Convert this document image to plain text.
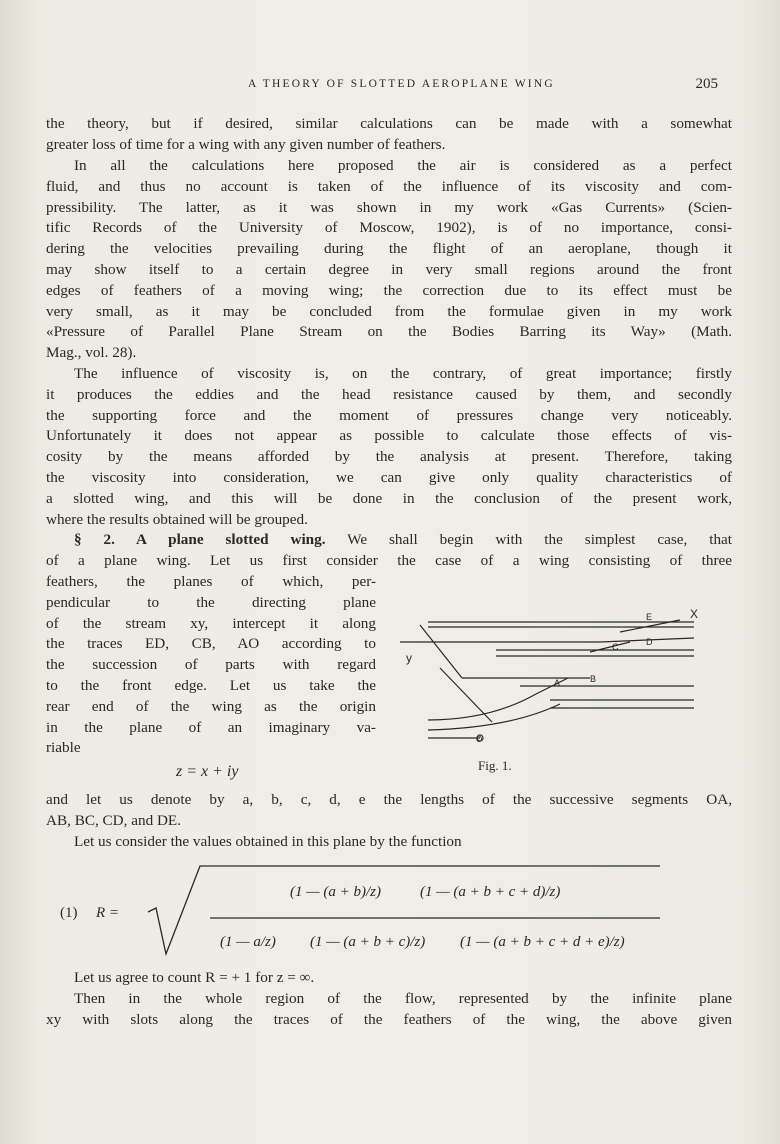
A THEORY OF SLOTTED AEROPLANE WING	205
the theory, but if desired, similar calculations can be made with a somewhat
greater loss of time for a wing with any given number of feathers.
In all the calculations here proposed the air is considered as a perfect
fluid, and thus no account is taken of the influence of its viscosity and com-
pressibility. The latter, as it was shown in my work «Gas Currents» (Scien-
tific Records of the University of Moscow, 1902), is of no importance, consi-
dering the velocities prevailing during the flight of an aeroplane, though it
may show itself to a certain degree in very small regions around the front
edges of feathers of a moving wing; the correction due to its effect must be
very small, as it may be concluded from the formulae given in my work
«Pressure of Parallel Plane Stream on the Bodies Barring its Way» (Math.
Mag., vol. 28).
The influence of viscosity is, on the contrary, of great importance; firstly
it produces the eddies and the head resistance caused by them, and secondly
the supporting force and the moment of pressures change very noticeably.
Unfortunately it does not appear as possible to calculate those effects of vis-
cosity by the means afforded by the analysis at present. Therefore, taking
the viscosity into consideration, we can give only quality characteristics of
a slotted wing, and this will be done in the conclusion of the present work,
where the results obtained will be grouped.
§ 2. A plane slotted wing. We shall begin with the simplest case, that
of a plane wing. Let us first consider the case of a wing consisting of three
feathers, the planes of which, per-
pendicular to the directing plane
of the stream xy, intercept it along
the traces ED, CB, AO according to
the succession of parts with regard
to the front edge. Let us take the
rear end of the wing as the origin
in the plane of an imaginary va-
riable
X
y
E
C	D
A	B
O
Fig. 1.
z = x + iy
and let us denote by a, b, c, d, e the lengths of the successive segments OA,
AB, BC, CD, and DE.
Let us consider the values obtained in this plane by the function
(1) R =
(1 — (a + b)/z)	(1 — (a + b + c + d)/z)
(1 — a/z) (1 — (a + b + c)/z) (1 — (a + b + c + d + e)/z)
Let us agree to count R = + 1 for z = ∞.
Then in the whole region of the flow, represented by the infinite plane
xy with slots along the traces of the feathers of the wing, the above given
